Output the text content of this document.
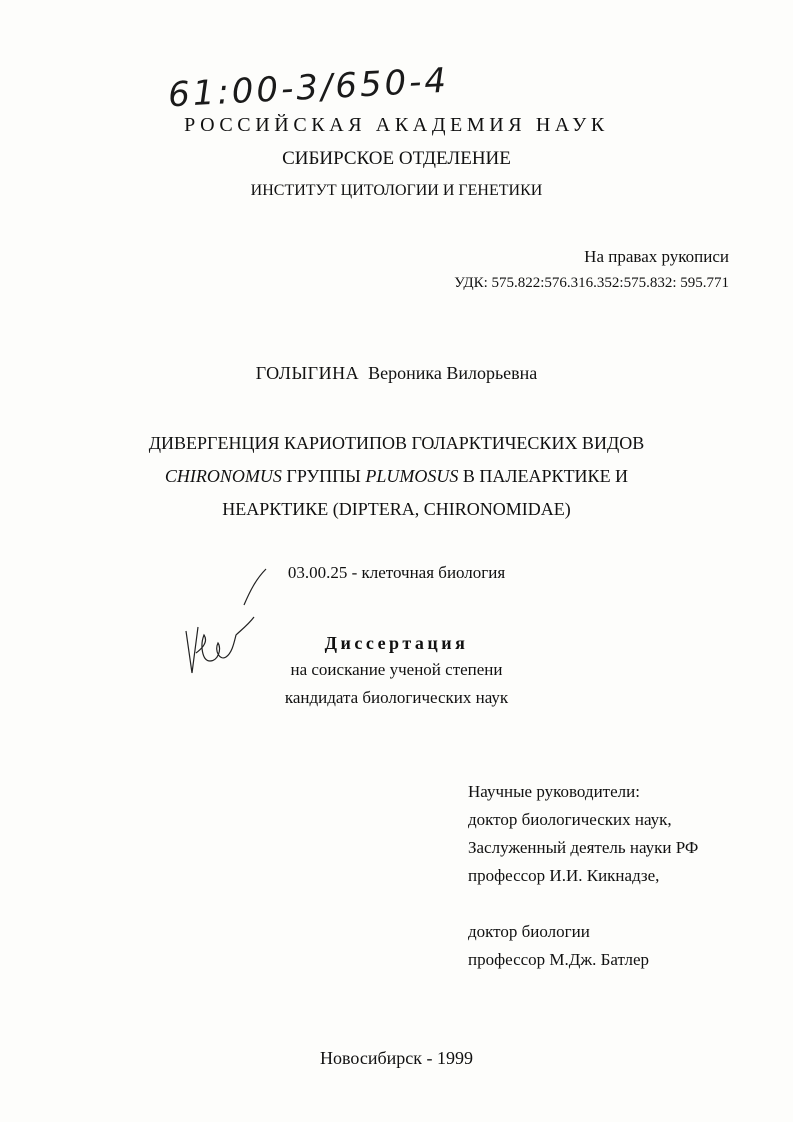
61:00-3/650-4
РОССИЙСКАЯ АКАДЕМИЯ НАУК
СИБИРСКОЕ ОТДЕЛЕНИЕ
ИНСТИТУТ ЦИТОЛОГИИ И ГЕНЕТИКИ
На правах рукописи
УДК: 575.822:576.316.352:575.832: 595.771
ГОЛЫГИНА Вероника Вилорьевна
ДИВЕРГЕНЦИЯ КАРИОТИПОВ ГОЛАРКТИЧЕСКИХ ВИДОВ
CHIRONOMUS ГРУППЫ PLUMOSUS В ПАЛЕАРКТИКЕ И
НЕАРКТИКЕ (DIPTERA, CHIRONOMIDAE)
03.00.25 - клеточная биология
Диссертация
на соискание ученой степени
кандидата биологических наук
Научные руководители:
доктор биологических наук,
Заслуженный деятель науки РФ
профессор И.И. Кикнадзе,
доктор биологии
профессор М.Дж. Батлер
Новосибирск - 1999
